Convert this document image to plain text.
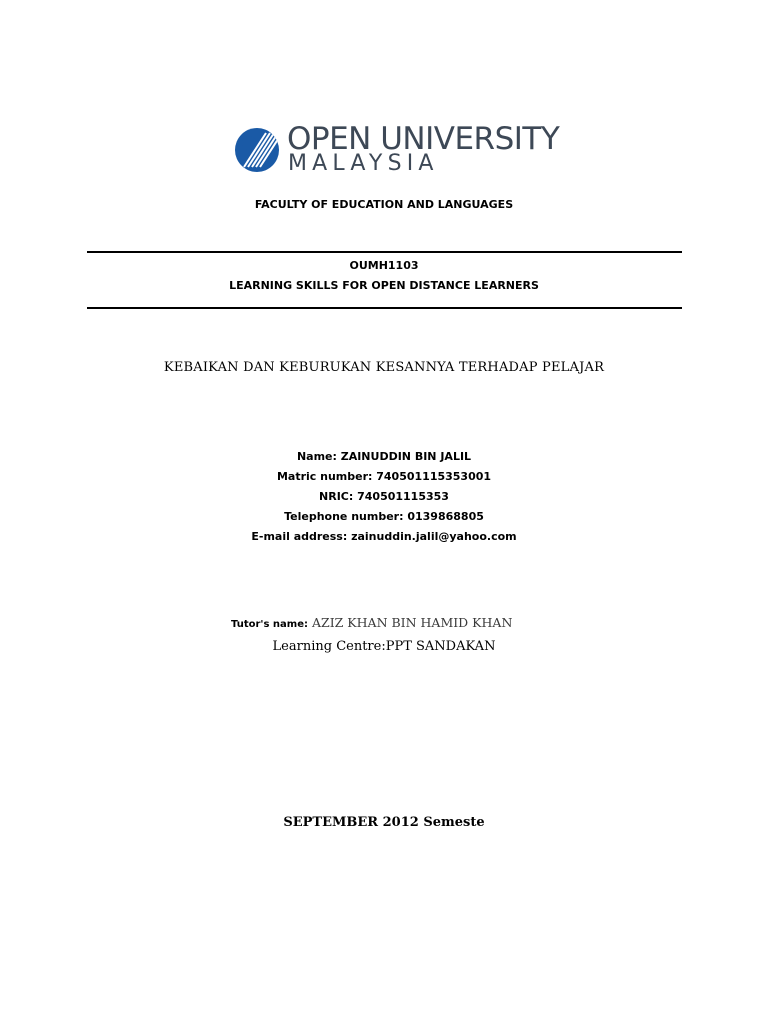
OPEN UNIVERSITY
MALAYSIA
FACULTY OF EDUCATION AND LANGUAGES
OUMH1103
LEARNING SKILLS FOR OPEN DISTANCE LEARNERS
KEBAIKAN DAN KEBURUKAN KESANNYA TERHADAP PELAJAR
Name: ZAINUDDIN BIN JALIL
Matric number: 740501115353001
NRIC: 740501115353
Telephone number: 0139868805
E-mail address: zainuddin.jalil@yahoo.com
Tutor's name: AZIZ KHAN BIN HAMID KHAN
Learning Centre:PPT SANDAKAN
SEPTEMBER 2012 Semeste
